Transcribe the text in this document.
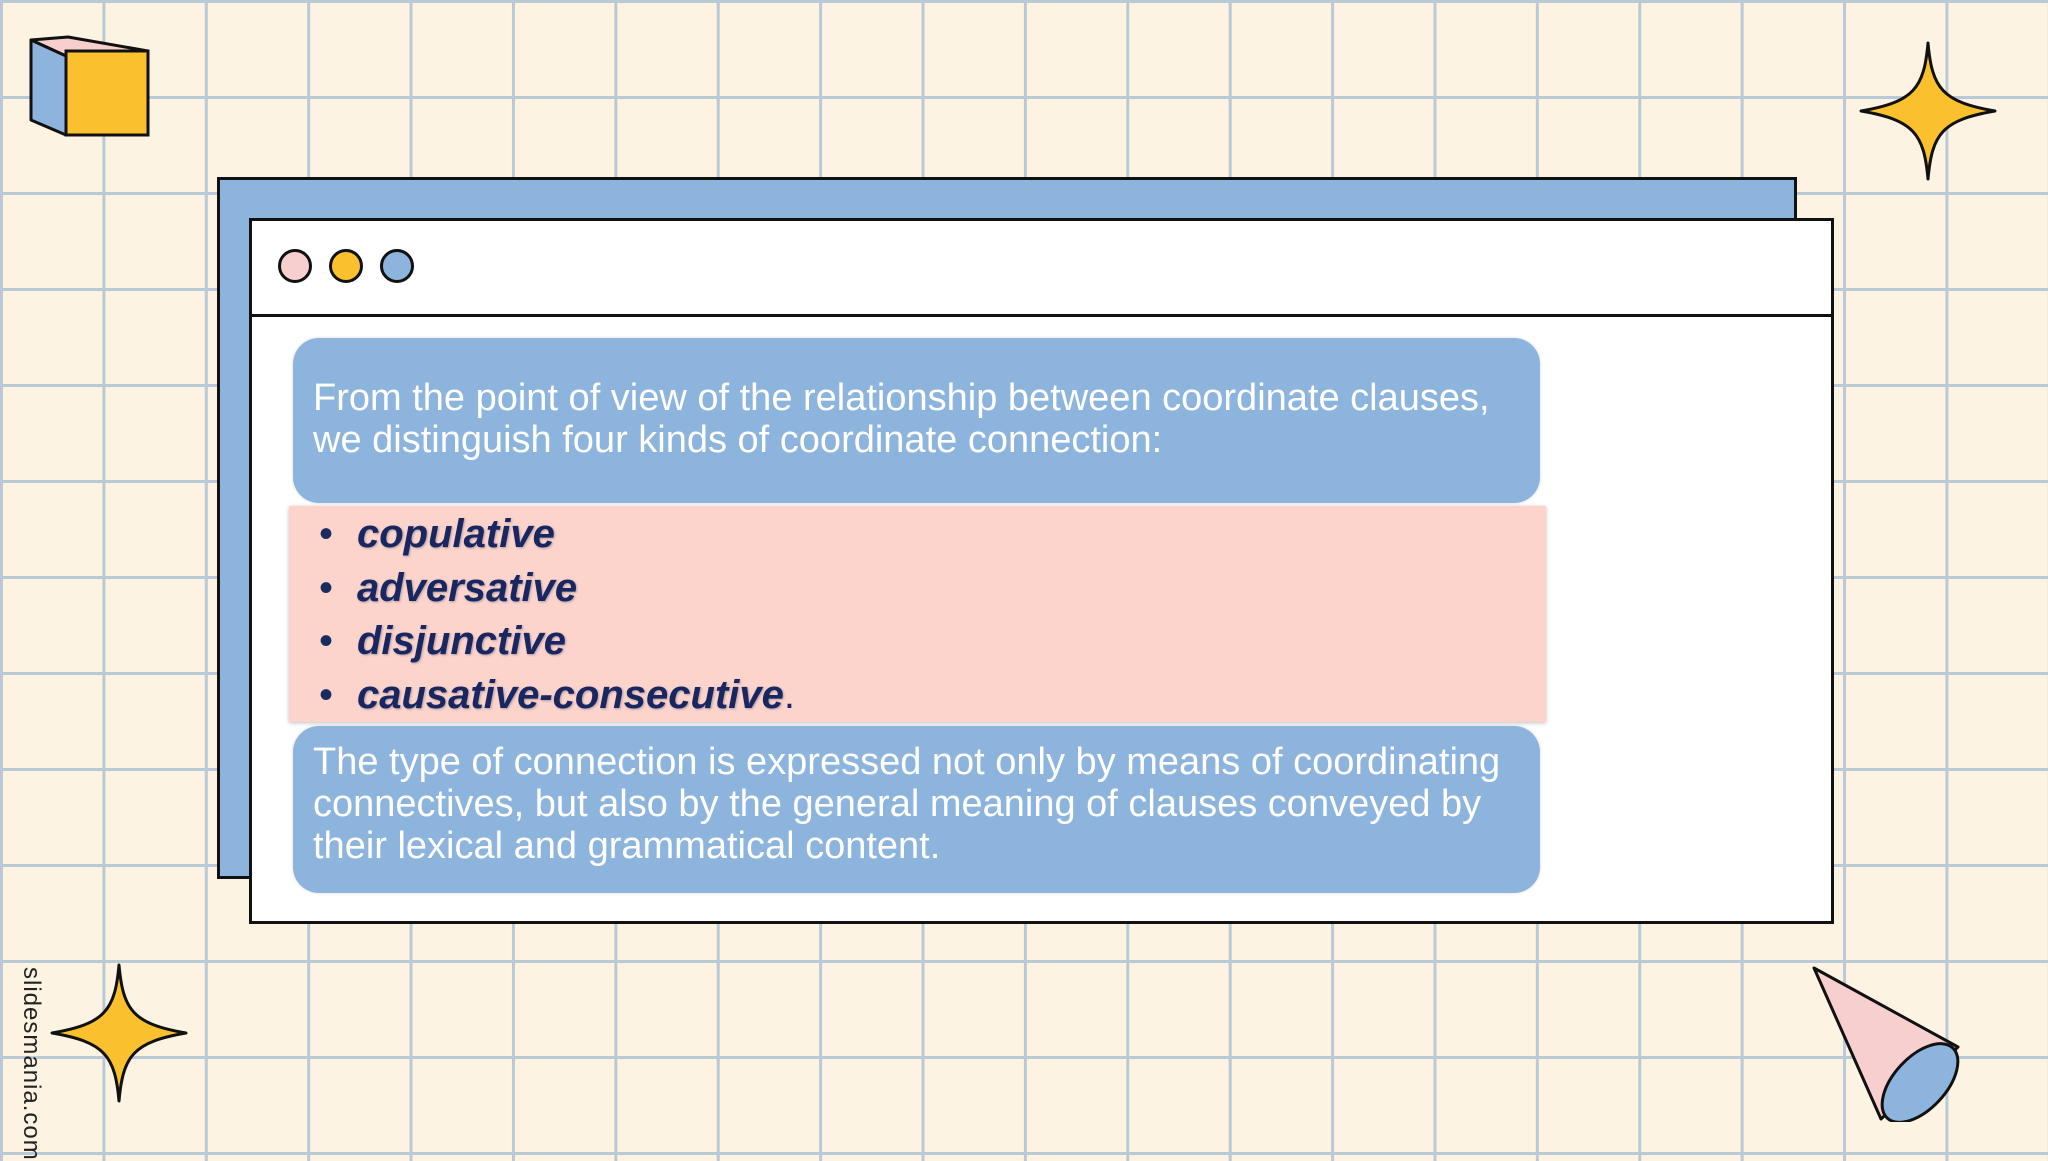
From the point of view of the relationship between coordinate clauses, we distinguish four kinds of coordinate connection:
• copulative
• adversative
• disjunctive
• causative-consecutive .
The type of connection is expressed not only by means of coordinating connectives, but also by the general meaning of clauses conveyed by their lexical and grammatical content.
slidesmania.com
